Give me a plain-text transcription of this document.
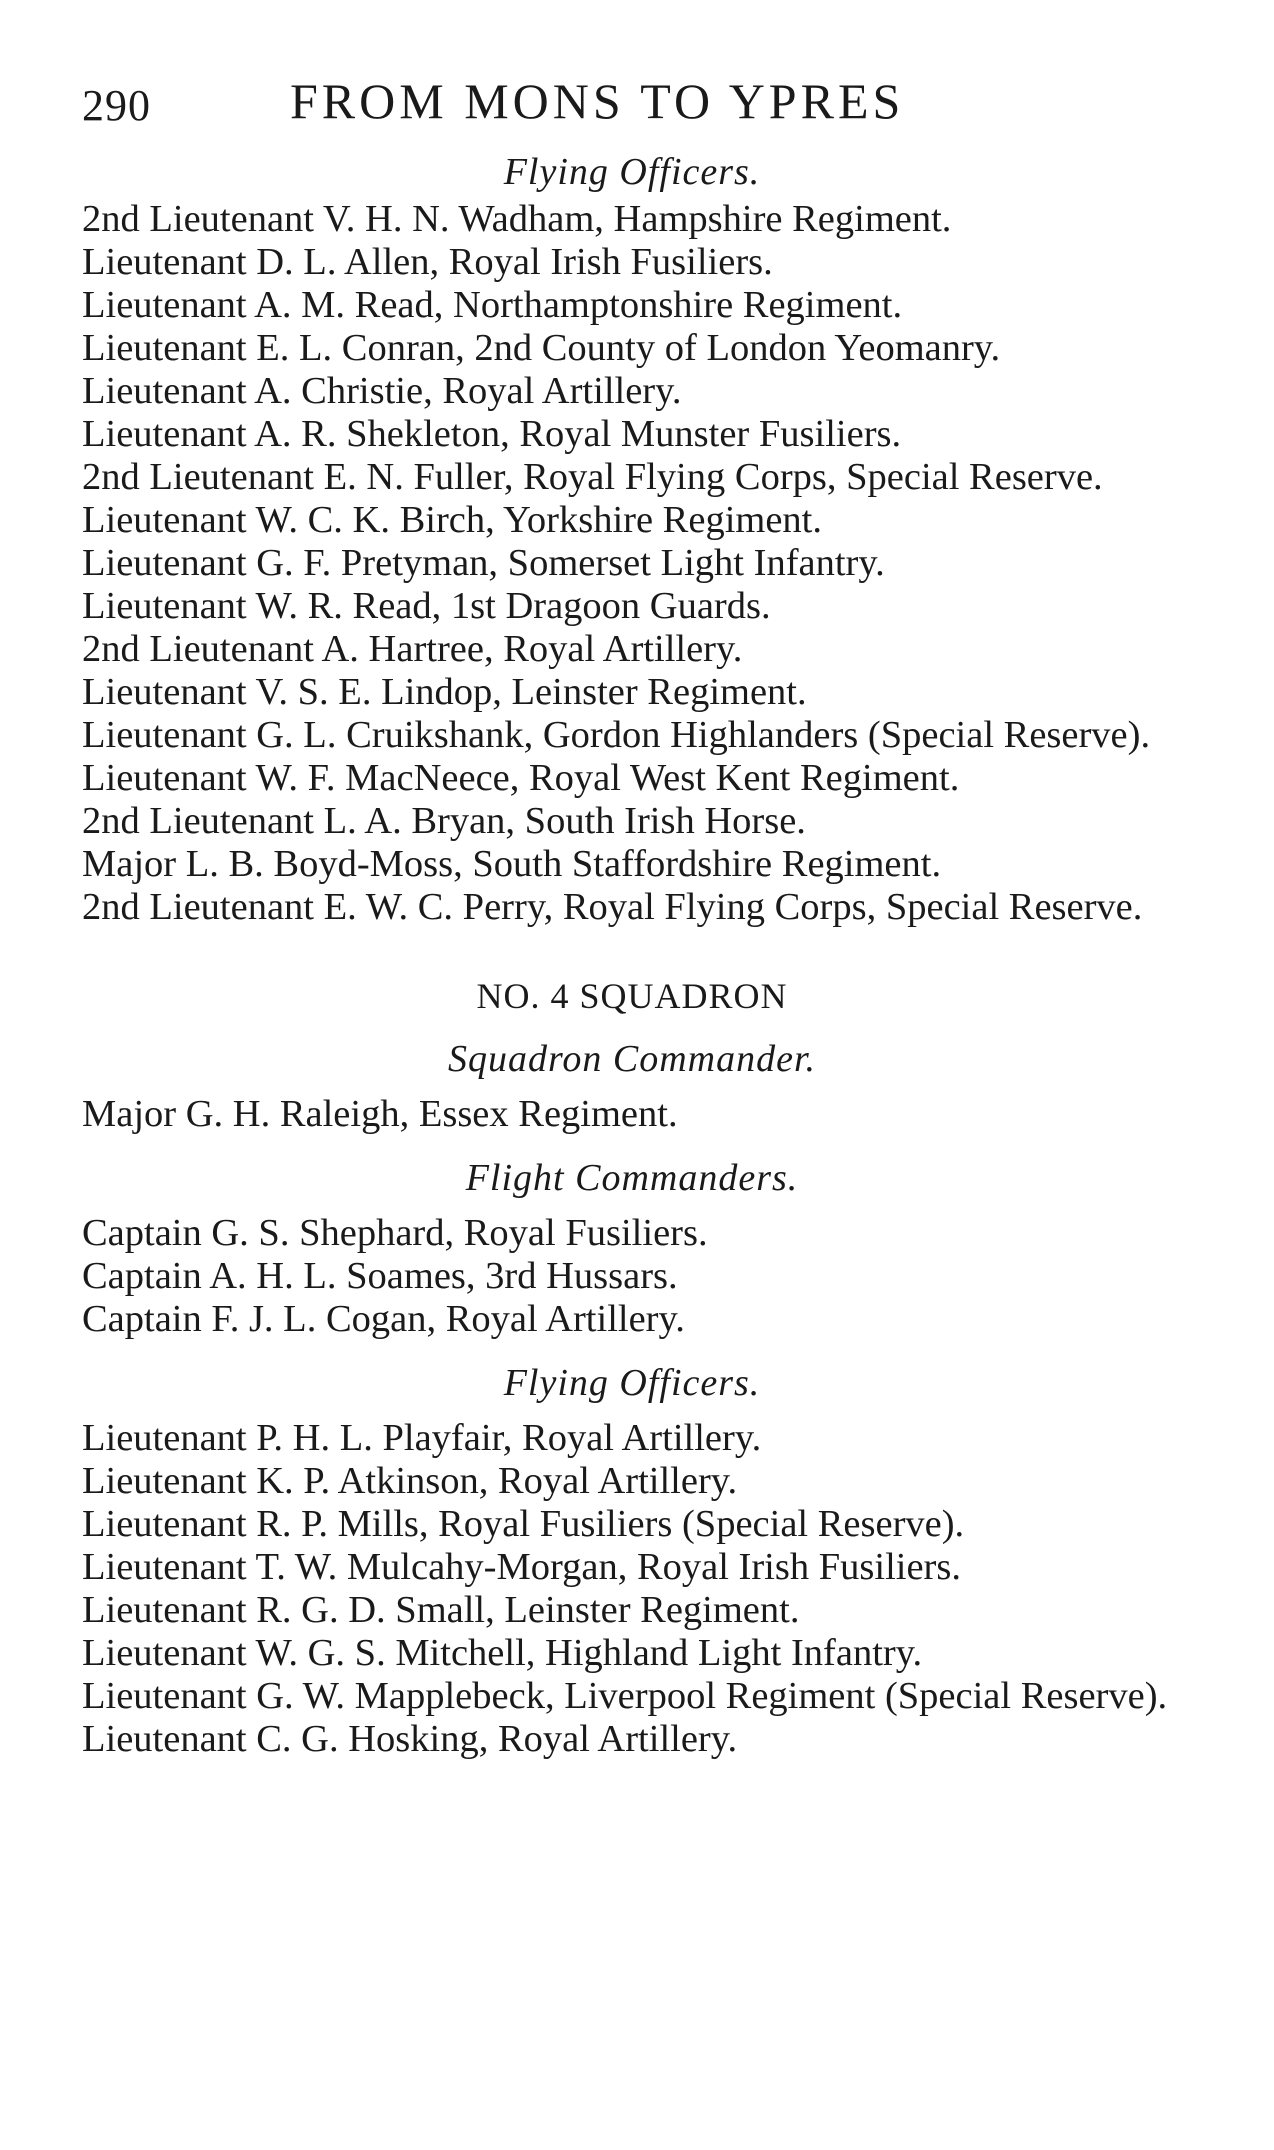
290	FROM MONS TO YPRES
Flying Officers.

2nd Lieutenant V. H. N. Wadham, Hampshire Regiment.

Lieutenant D. L. Allen, Royal Irish Fusiliers.

Lieutenant A. M. Read, Northamptonshire Regiment.

Lieutenant E. L. Conran, 2nd County of London Yeomanry.

Lieutenant A. Christie, Royal Artillery.

Lieutenant A. R. Shekleton, Royal Munster Fusiliers.

2nd Lieutenant E. N. Fuller, Royal Flying Corps, Special Reserve.

Lieutenant W. C. K. Birch, Yorkshire Regiment.

Lieutenant G. F. Pretyman, Somerset Light Infantry.

Lieutenant W. R. Read, 1st Dragoon Guards.

2nd Lieutenant A. Hartree, Royal Artillery.

Lieutenant V. S. E. Lindop, Leinster Regiment.

Lieutenant G. L. Cruikshank, Gordon Highlanders (Special Reserve).

Lieutenant W. F. MacNeece, Royal West Kent Regiment.

2nd Lieutenant L. A. Bryan, South Irish Horse.

Major L. B. Boyd-Moss, South Staffordshire Regiment.

2nd Lieutenant E. W. C. Perry, Royal Flying Corps, Special Reserve.

NO. 4 SQUADRON
Squadron Commander.

Major G. H. Raleigh, Essex Regiment.

Flight Commanders.

Captain G. S. Shephard, Royal Fusiliers.

Captain A. H. L. Soames, 3rd Hussars.

Captain F. J. L. Cogan, Royal Artillery.

Flying Officers.

Lieutenant P. H. L. Playfair, Royal Artillery.

Lieutenant K. P. Atkinson, Royal Artillery.

Lieutenant R. P. Mills, Royal Fusiliers (Special Reserve).

Lieutenant T. W. Mulcahy-Morgan, Royal Irish Fusiliers.

Lieutenant R. G. D. Small, Leinster Regiment.

Lieutenant W. G. S. Mitchell, Highland Light Infantry.

Lieutenant G. W. Mapplebeck, Liverpool Regiment (Special Reserve).

Lieutenant C. G. Hosking, Royal Artillery.
